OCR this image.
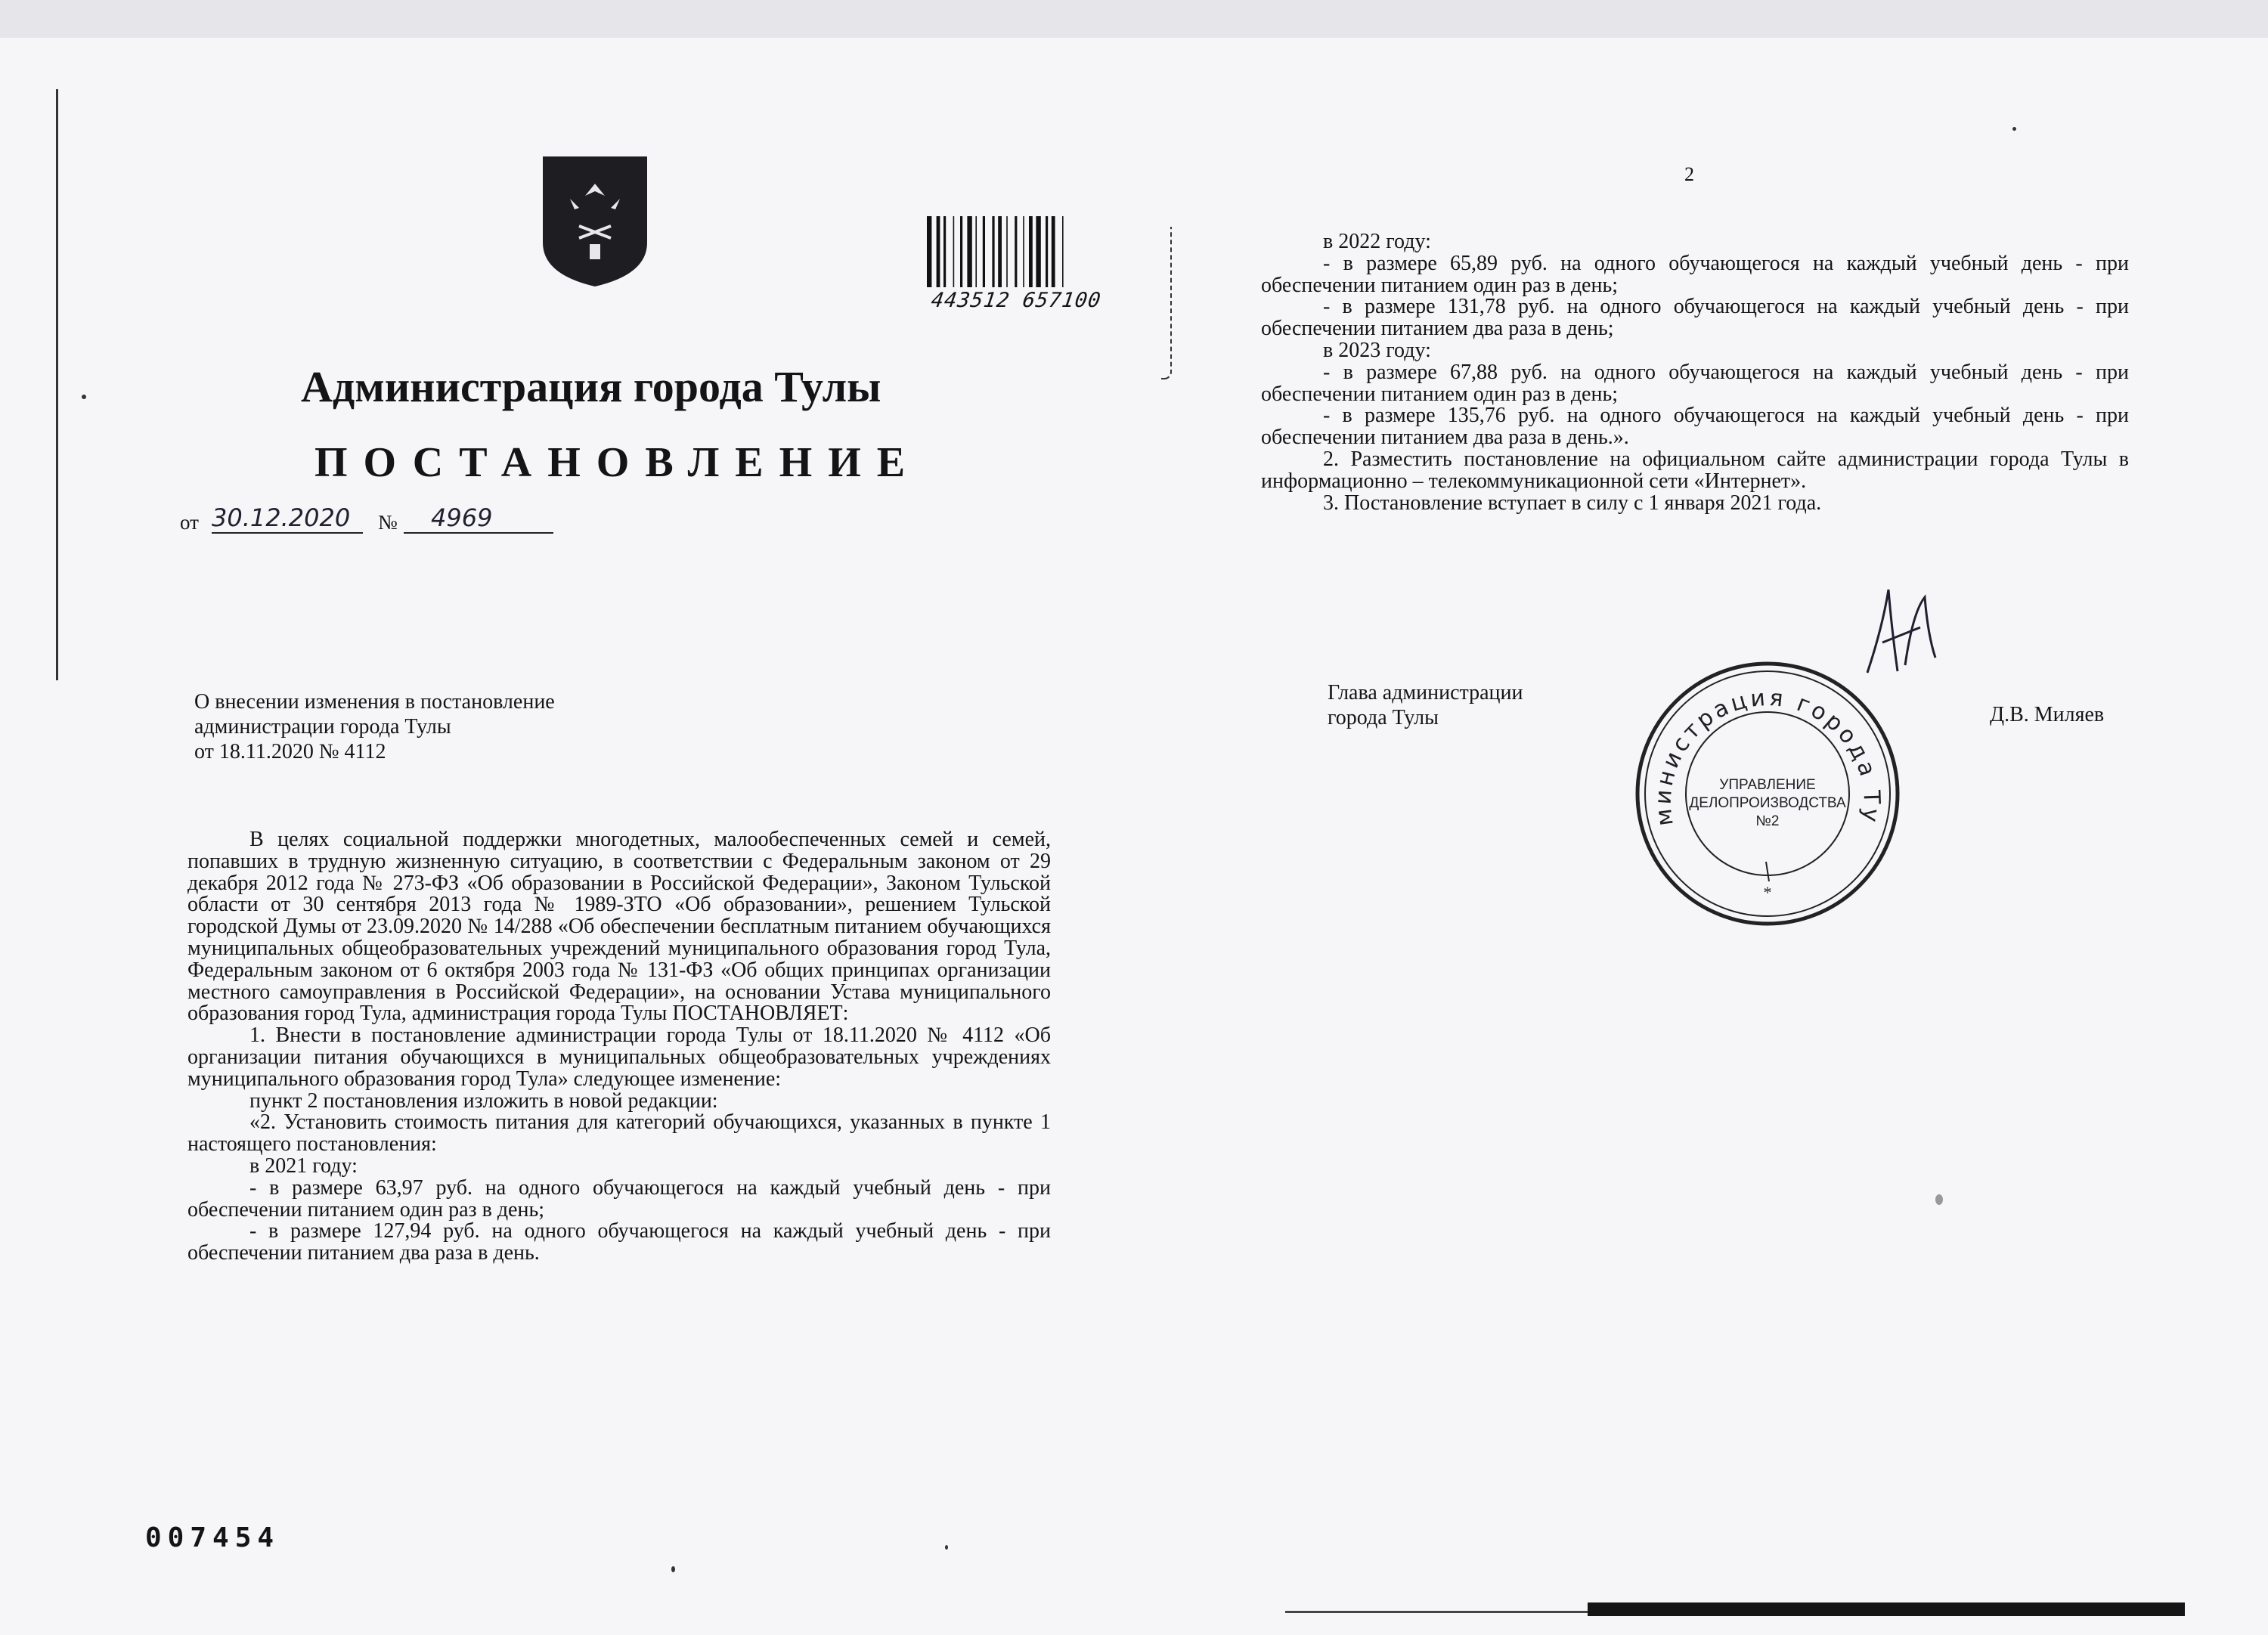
443512 657100
Администрация города Тулы
ПОСТАНОВЛЕНИЕ
от 30.12.2020	№	4969
О внесении изменения в постановление
администрации города Тулы
от 18.11.2020 № 4112

В целях социальной поддержки многодетных, малообеспеченных семей и семей, попавших в трудную жизненную ситуацию, в соответствии с Федеральным законом от 29 декабря 2012 года № 273-ФЗ «Об образовании в Российской Федерации», Законом Тульской области от 30 сентября 2013 года № 1989-ЗТО «Об образовании», решением Тульской городской Думы от 23.09.2020 № 14/288 «Об обеспечении бесплатным питанием обучающихся муниципальных общеобразовательных учреждений муниципального образования город Тула, Федеральным законом от 6 октября 2003 года № 131-ФЗ «Об общих принципах организации местного самоуправления в Российской Федерации», на основании Устава муниципального образования город Тула, администрация города Тулы ПОСТАНОВЛЯЕТ:

1. Внести в постановление администрации города Тулы от 18.11.2020 № 4112 «Об организации питания обучающихся в муниципальных общеобразовательных учреждениях муниципального образования город Тула» следующее изменение:

пункт 2 постановления изложить в новой редакции:

«2. Установить стоимость питания для категорий обучающихся, указанных в пункте 1 настоящего постановления:

в 2021 году:

- в размере 63,97 руб. на одного обучающегося на каждый учебный день - при обеспечении питанием один раз в день;

- в размере 127,94 руб. на одного обучающегося на каждый учебный день - при обеспечении питанием два раза в день.

007454
2

в 2022 году:

- в размере 65,89 руб. на одного обучающегося на каждый учебный день - при обеспечении питанием один раз в день;

- в размере 131,78 руб. на одного обучающегося на каждый учебный день - при обеспечении питанием два раза в день;

в 2023 году:

- в размере 67,88 руб. на одного обучающегося на каждый учебный день - при обеспечении питанием один раз в день;

- в размере 135,76 руб. на одного обучающегося на каждый учебный день - при обеспечении питанием два раза в день.».

2. Разместить постановление на официальном сайте администрации города Тулы в информационно – телекоммуникационной сети «Интернет».

3. Постановление вступает в силу с 1 января 2021 года.

Глава администрации
города Тулы	Д.В. Миляев
министрация города Ту
*
УПРАВЛЕНИЕ
ДЕЛОПРОИЗВОДСТВА
№2
